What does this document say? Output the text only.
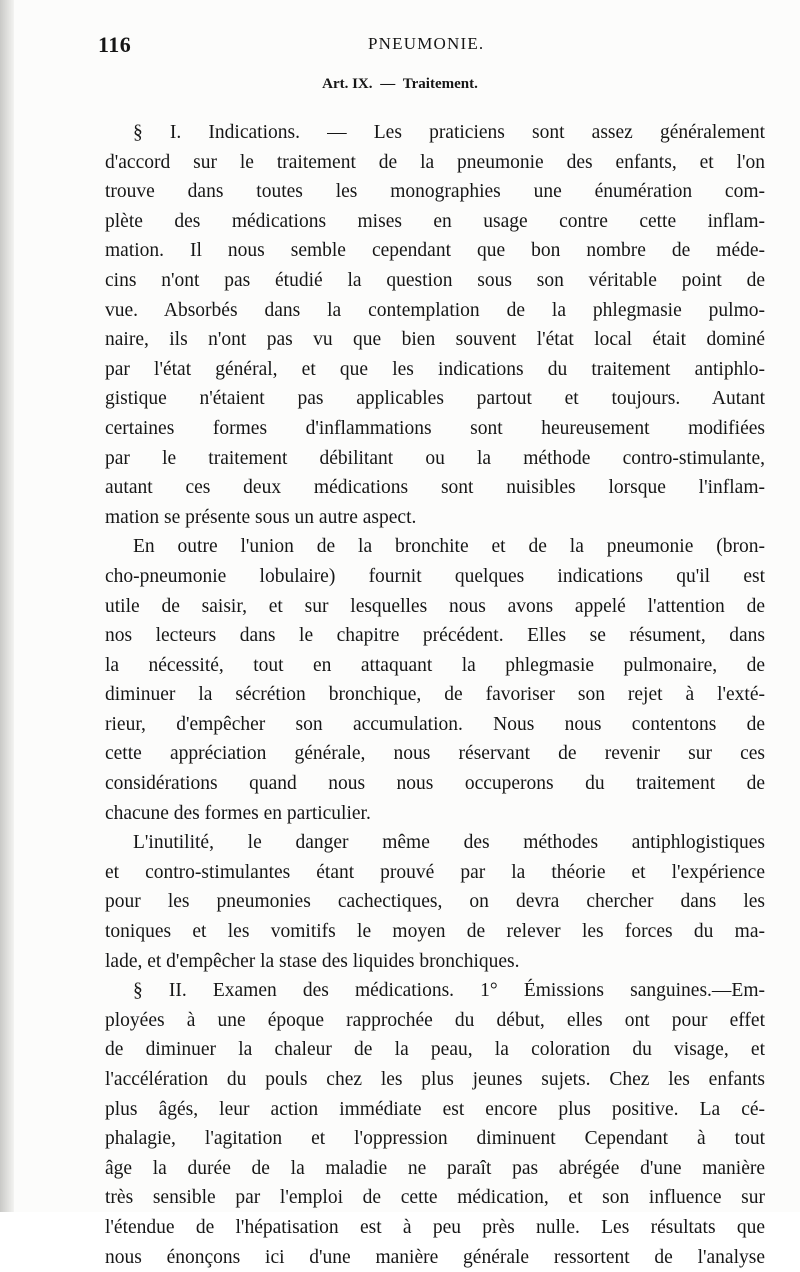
116	PNEUMONIE.
Art. IX. — Traitement.
§ I. Indications. — Les praticiens sont assez généralement
d'accord sur le traitement de la pneumonie des enfants, et l'on
trouve dans toutes les monographies une énumération com-
plète des médications mises en usage contre cette inflam-
mation. Il nous semble cependant que bon nombre de méde-
cins n'ont pas étudié la question sous son véritable point de
vue. Absorbés dans la contemplation de la phlegmasie pulmo-
naire, ils n'ont pas vu que bien souvent l'état local était dominé
par l'état général, et que les indications du traitement antiphlo-
gistique n'étaient pas applicables partout et toujours. Autant
certaines formes d'inflammations sont heureusement modifiées
par le traitement débilitant ou la méthode contro-stimulante,
autant ces deux médications sont nuisibles lorsque l'inflam-
mation se présente sous un autre aspect.
En outre l'union de la bronchite et de la pneumonie (bron-
cho-pneumonie lobulaire) fournit quelques indications qu'il est
utile de saisir, et sur lesquelles nous avons appelé l'attention de
nos lecteurs dans le chapitre précédent. Elles se résument, dans
la nécessité, tout en attaquant la phlegmasie pulmonaire, de
diminuer la sécrétion bronchique, de favoriser son rejet à l'exté-
rieur, d'empêcher son accumulation. Nous nous contentons de
cette appréciation générale, nous réservant de revenir sur ces
considérations quand nous nous occuperons du traitement de
chacune des formes en particulier.
L'inutilité, le danger même des méthodes antiphlogistiques
et contro-stimulantes étant prouvé par la théorie et l'expérience
pour les pneumonies cachectiques, on devra chercher dans les
toniques et les vomitifs le moyen de relever les forces du ma-
lade, et d'empêcher la stase des liquides bronchiques.
§ II. Examen des médications. 1° Émissions sanguines.—Em-
ployées à une époque rapprochée du début, elles ont pour effet
de diminuer la chaleur de la peau, la coloration du visage, et
l'accélération du pouls chez les plus jeunes sujets. Chez les enfants
plus âgés, leur action immédiate est encore plus positive. La cé-
phalagie, l'agitation et l'oppression diminuent Cependant à tout
âge la durée de la maladie ne paraît pas abrégée d'une manière
très sensible par l'emploi de cette médication, et son influence sur
l'étendue de l'hépatisation est à peu près nulle. Les résultats que
nous énonçons ici d'une manière générale ressortent de l'analyse
